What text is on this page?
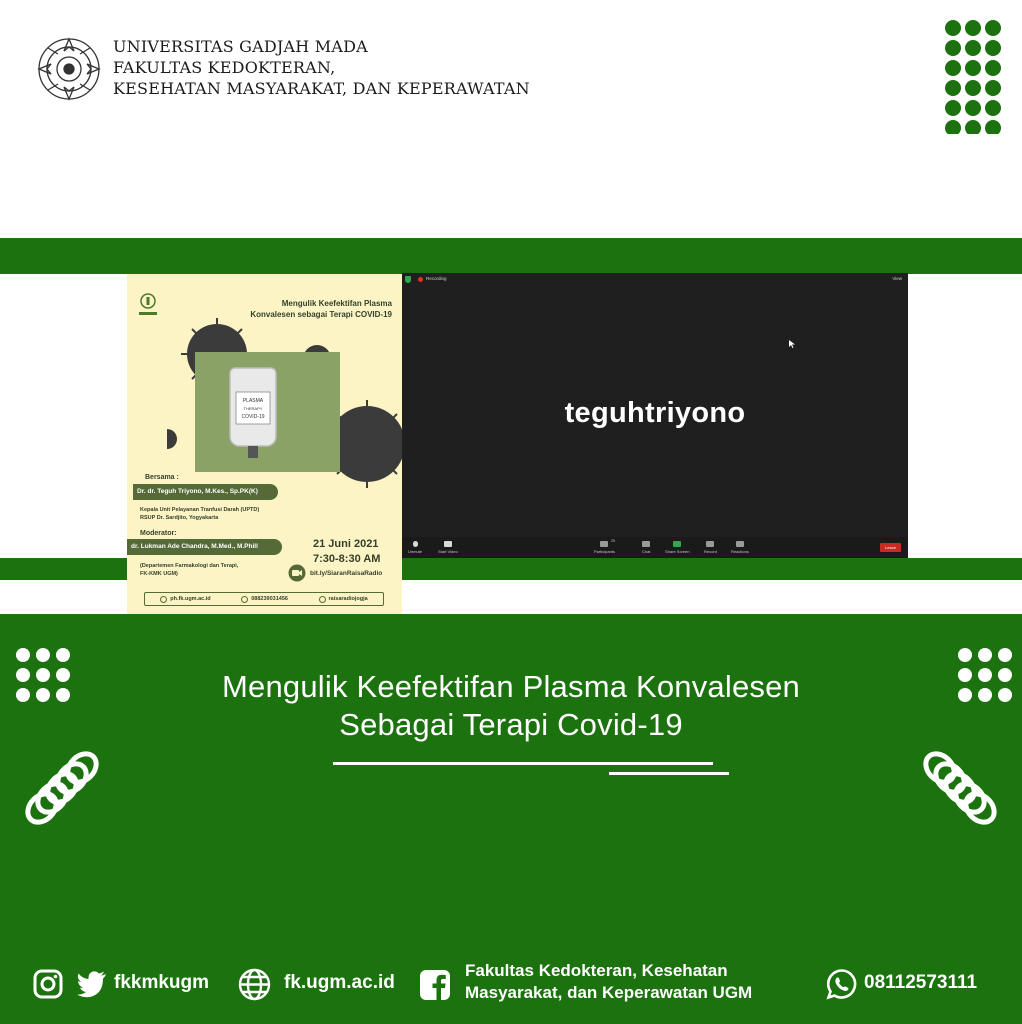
UNIVERSITAS GADJAH MADA
FAKULTAS KEDOKTERAN,
KESEHATAN MASYARAKAT, DAN KEPERAWATAN
Mengulik Keefektifan Plasma
Konvalesen sebagai Terapi COVID-19
PLASMA
THERAPY
COVID-19
Bersama :
Dr. dr. Teguh Triyono, M.Kes., Sp.PK(K)
Kepala Unit Pelayanan Tranfusi Darah (UPTD)
RSUP Dr. Sardjito, Yogyakarta
Moderator:
dr. Lukman Ade Chandra, M.Med., M.Phill
(Departemen Farmakologi dan Terapi,
FK-KMK UGM)
21 Juni 2021
7:30-8:30 AM
bit.ly/SiaranRaisaRadio
ph.fk.ugm.ac.id	088239031456	raisaradiojogja
Recording	View
teguhtriyono
Unmute	Start Video	Participants
25
Chat	Share Screen	Record	Reactions
Leave
Mengulik Keefektifan Plasma Konvalesen
Sebagai Terapi Covid-19
fkkmkugm	fk.ugm.ac.id
Fakultas Kedokteran, Kesehatan
Masyarakat, dan Keperawatan UGM	08112573111
